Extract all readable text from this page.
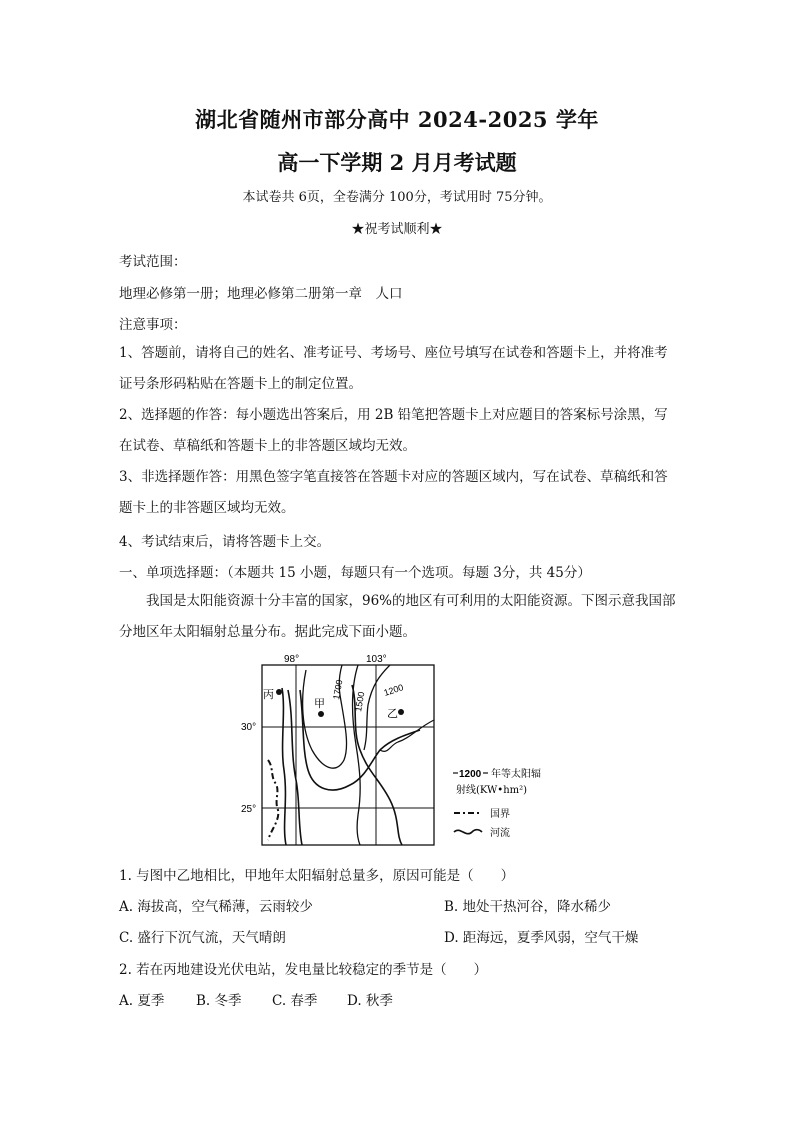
湖北省随州市部分高中 2024-2025 学年
高一下学期 2 月月考试题
本试卷共 6页，全卷满分 100分，考试用时 75分钟。
★祝考试顺利★
考试范围：
地理必修第一册；地理必修第二册第一章　人口
注意事项：
1、答题前，请将自己的姓名、准考证号、考场号、座位号填写在试卷和答题卡上，并将准考证号条形码粘贴在答题卡上的制定位置。
2、选择题的作答：每小题选出答案后，用 2B 铅笔把答题卡上对应题目的答案标号涂黑，写在试卷、草稿纸和答题卡上的非答题区域均无效。
3、非选择题作答：用黑色签字笔直接答在答题卡对应的答题区域内，写在试卷、草稿纸和答题卡上的非答题区域均无效。
4、考试结束后，请将答题卡上交。
一、单项选择题：（本题共 15 小题，每题只有一个选项。每题 3分，共 45分）
我国是太阳能资源十分丰富的国家，96%的地区有可利用的太阳能资源。下图示意我国部分地区年太阳辐射总量分布。据此完成下面小题。
98°	103°
30°
25°
1700
1500
1200
丙
甲
乙
1200 年等太阳辐
射线(KW•hm²)
国界
河流
1. 与图中乙地相比，甲地年太阳辐射总量多，原因可能是（　　）
A. 海拔高，空气稀薄，云雨较少	B. 地处干热河谷，降水稀少
C. 盛行下沉气流，天气晴朗	D. 距海远，夏季风弱，空气干燥
2. 若在丙地建设光伏电站，发电量比较稳定的季节是（　　）
A. 夏季 B. 冬季 C. 春季 D. 秋季
